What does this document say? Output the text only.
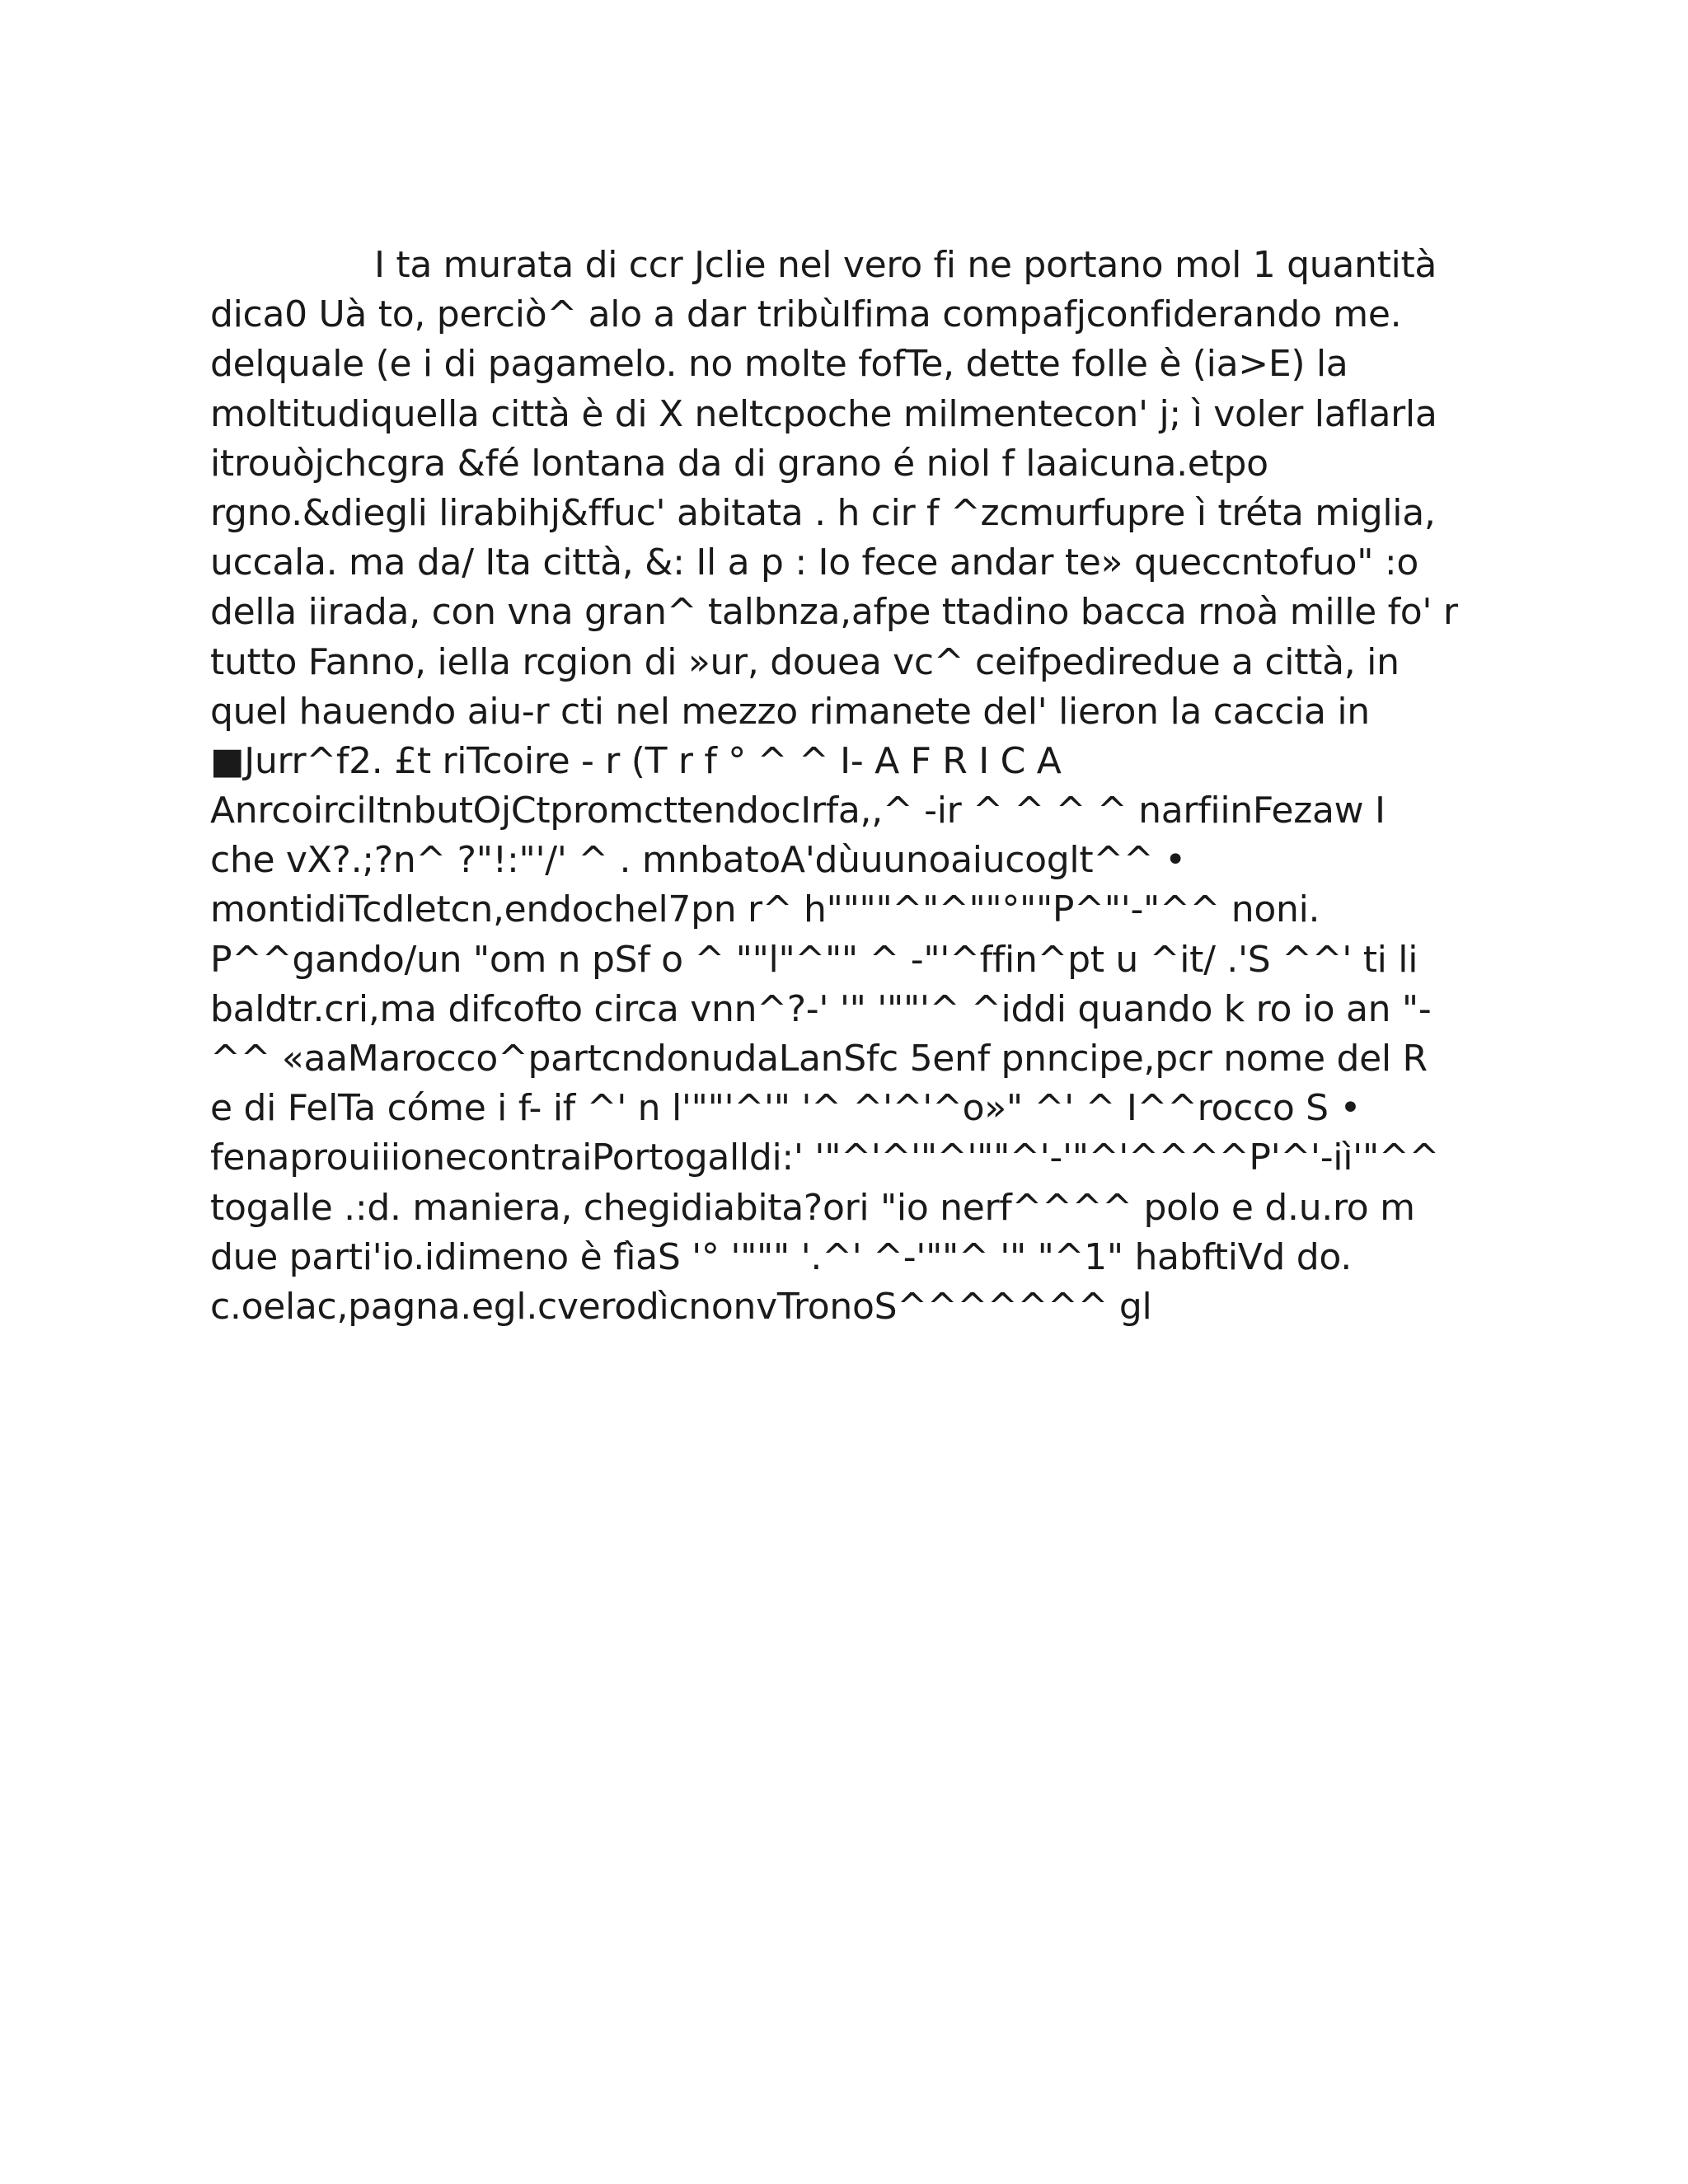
I ta murata di ccr Jclie nel vero fi ne portano mol 1 quantità
dica0 Uà to, perciò^ alo a dar tribùIfima compafjconfiderando me.
delquale (e i di pagamelo. no molte fofTe, dette folle è (ia>E) la
moltitudiquella città è di X neltcpoche milmentecon' j; ì voler laflarla
itrouòjchcgra &fé lontana da di grano é niol f laaicuna.etpo
rgno.&diegli lirabihj&ffuc' abitata . h cir f ^zcmurfupre ì tréta miglia,
uccala. ma da/ Ita città, &: Il a p : Io fece andar te» queccntofuo" :o
della iirada, con vna gran^ talbnza,afpe ttadino bacca rnoà mille fo' r
tutto Fanno, iella rcgion di »ur, douea vc^ ceifpediredue a città, in
quel hauendo aiu-r cti nel mezzo rimanete del' lieron la caccia in
■Jurr^f2. £t riTcoire - r (T r f ° ^ ^ I- A F R I C A
AnrcoirciItnbutOjCtpromcttendocIrfa,,^ -ir ^ ^ ^ ^ narfiinFezaw I
che vX?.;?n^ ?"!:"'/' ^ . mnbatoA'dùuunoaiucoglt^^ •
montidiTcdletcn,endochel7pn r^ h""""^"^""°""P^"'-"^^ noni.
P^^gando/un "om n pSf o ^ ""l"^"" ^ -"'^ffin^pt u ^it/ .'S ^^' ti li
baldtr.cri,ma difcofto circa vnn^?-' '" '""'^ ^iddi quando k ro io an "-
^^ «aaMarocco^partcndonudaLanSfc 5enf pnncipe,pcr nome del R
e di FelTa cóme i f- if ^' n l'""'^'" '^ ^'^'^o»" ^' ^ I^^rocco S •
fenaprouiiionecontraiPortogalldi:' '"^'^'"^'""^'-'"^'^^^^P'^'-iì'"^^
togalle .:d. maniera, chegidiabita?ori "io nerf^^^^ polo e d.u.ro m
due parti'io.idimeno è fìaS '° '""" '.^' ^-'""^ '" "^1" habftiVd do.
c.oelac,pagna.egl.cverodìcnonvTronoS^^^^^^^ gl
